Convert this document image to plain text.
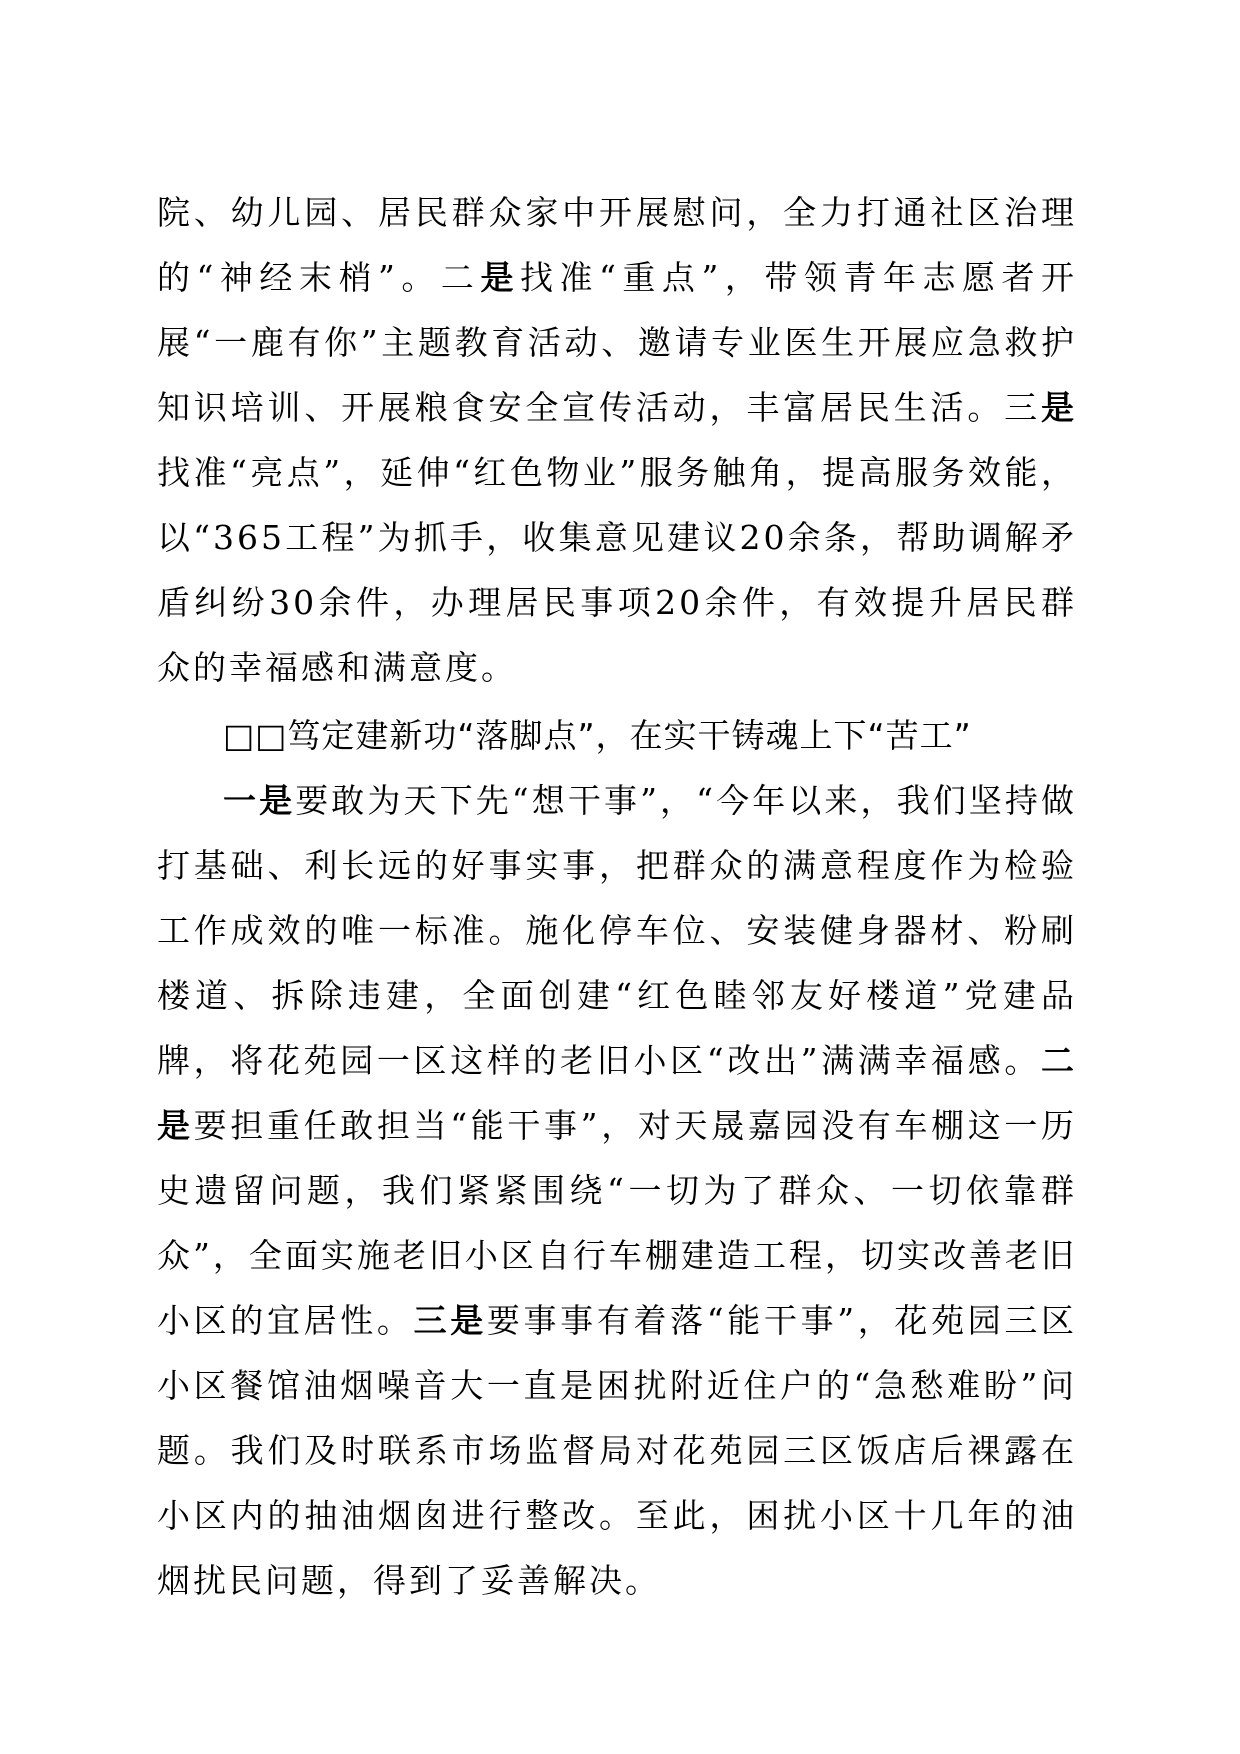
院、幼儿园、居民群众家中开展慰问，全力打通社区治理的“神经末梢”。二是找准“重点”，带领青年志愿者开展“一鹿有你”主题教育活动、邀请专业医生开展应急救护知识培训、开展粮食安全宣传活动，丰富居民生活。三是找准“亮点”，延伸“红色物业”服务触角，提高服务效能，以“365工程”为抓手，收集意见建议20余条，帮助调解矛盾纠纷30余件，办理居民事项20余件，有效提升居民群众的幸福感和满意度。

□□笃定建新功“落脚点”，在实干铸魂上下“苦工”

一是要敢为天下先“想干事”，“今年以来，我们坚持做打基础、利长远的好事实事，把群众的满意程度作为检验工作成效的唯一标准。施化停车位、安装健身器材、粉刷楼道、拆除违建，全面创建“红色睦邻友好楼道”党建品牌，将花苑园一区这样的老旧小区“改出”满满幸福感。二是要担重任敢担当“能干事”，对天晟嘉园没有车棚这一历史遗留问题，我们紧紧围绕“一切为了群众、一切依靠群众”，全面实施老旧小区自行车棚建造工程，切实改善老旧小区的宜居性。三是要事事有着落“能干事”，花苑园三区小区餐馆油烟噪音大一直是困扰附近住户的“急愁难盼”问题。我们及时联系市场监督局对花苑园三区饭店后裸露在小区内的抽油烟囱进行整改。至此，困扰小区十几年的油烟扰民问题，得到了妥善解决。
